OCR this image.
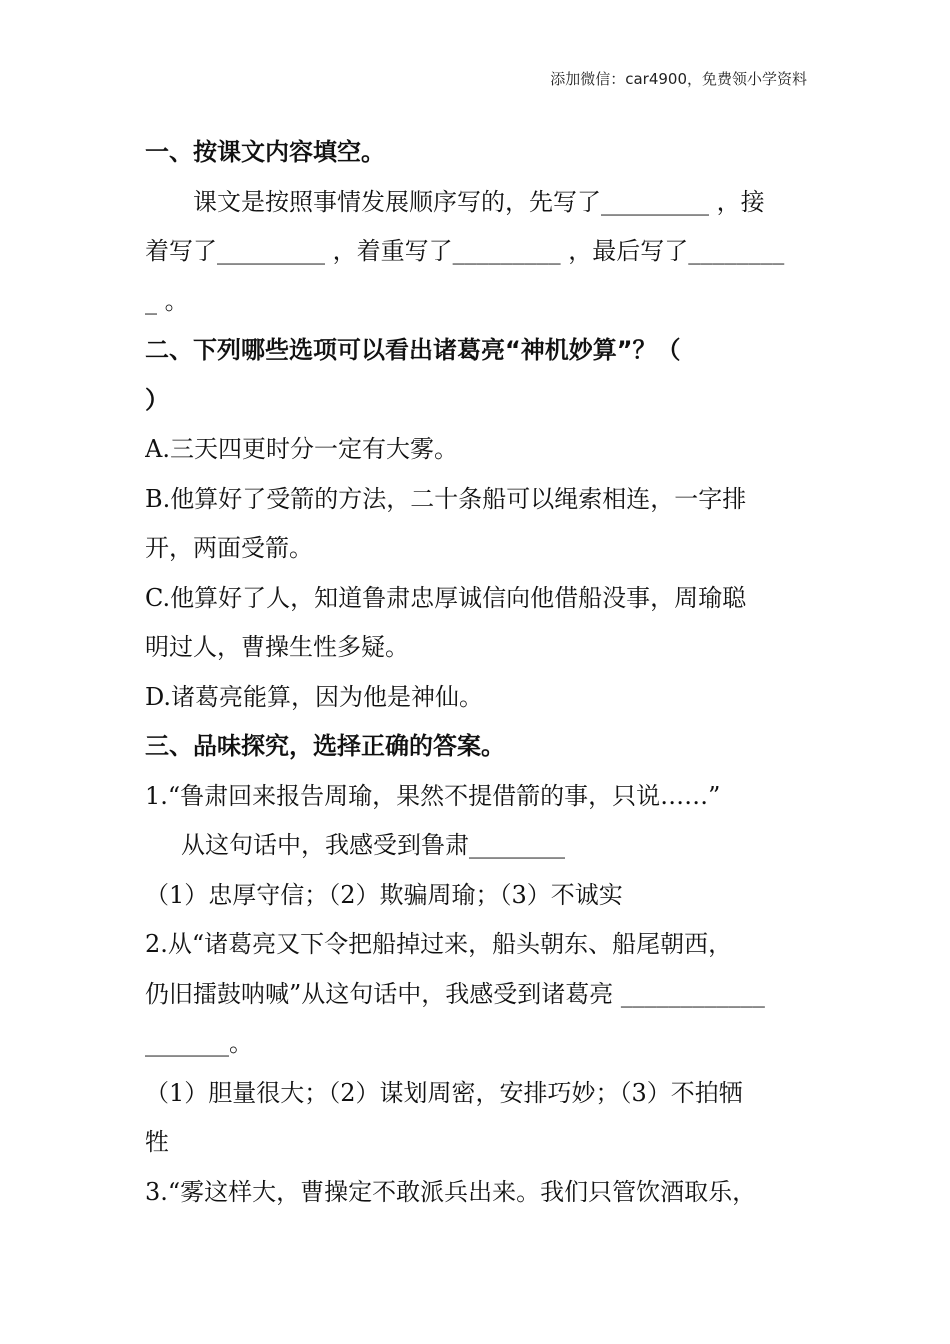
添加微信：car4900，免费领小学资料
一、按课文内容填空。
课文是按照事情发展顺序写的，先写了_________ ，接
着写了_________ ，着重写了_________ ，最后写了________
_ 。
二、下列哪些选项可以看出诸葛亮“神机妙算”？（
）
A.三天四更时分一定有大雾。
B.他算好了受箭的方法，二十条船可以绳索相连，一字排
开，两面受箭。
C.他算好了人，知道鲁肃忠厚诚信向他借船没事，周瑜聪
明过人，曹操生性多疑。
D.诸葛亮能算，因为他是神仙。
三、品味探究，选择正确的答案。
1.“鲁肃回来报告周瑜，果然不提借箭的事，只说……”
从这句话中，我感受到鲁肃________
（1）忠厚守信；（2）欺骗周瑜；（3）不诚实
2.从“诸葛亮又下令把船掉过来，船头朝东、船尾朝西，
仍旧擂鼓呐喊”从这句话中，我感受到诸葛亮 ____________
_______。
（1）胆量很大；（2）谋划周密，安排巧妙；（3）不拍牺
牲
3.“雾这样大，曹操定不敢派兵出来。我们只管饮酒取乐，
